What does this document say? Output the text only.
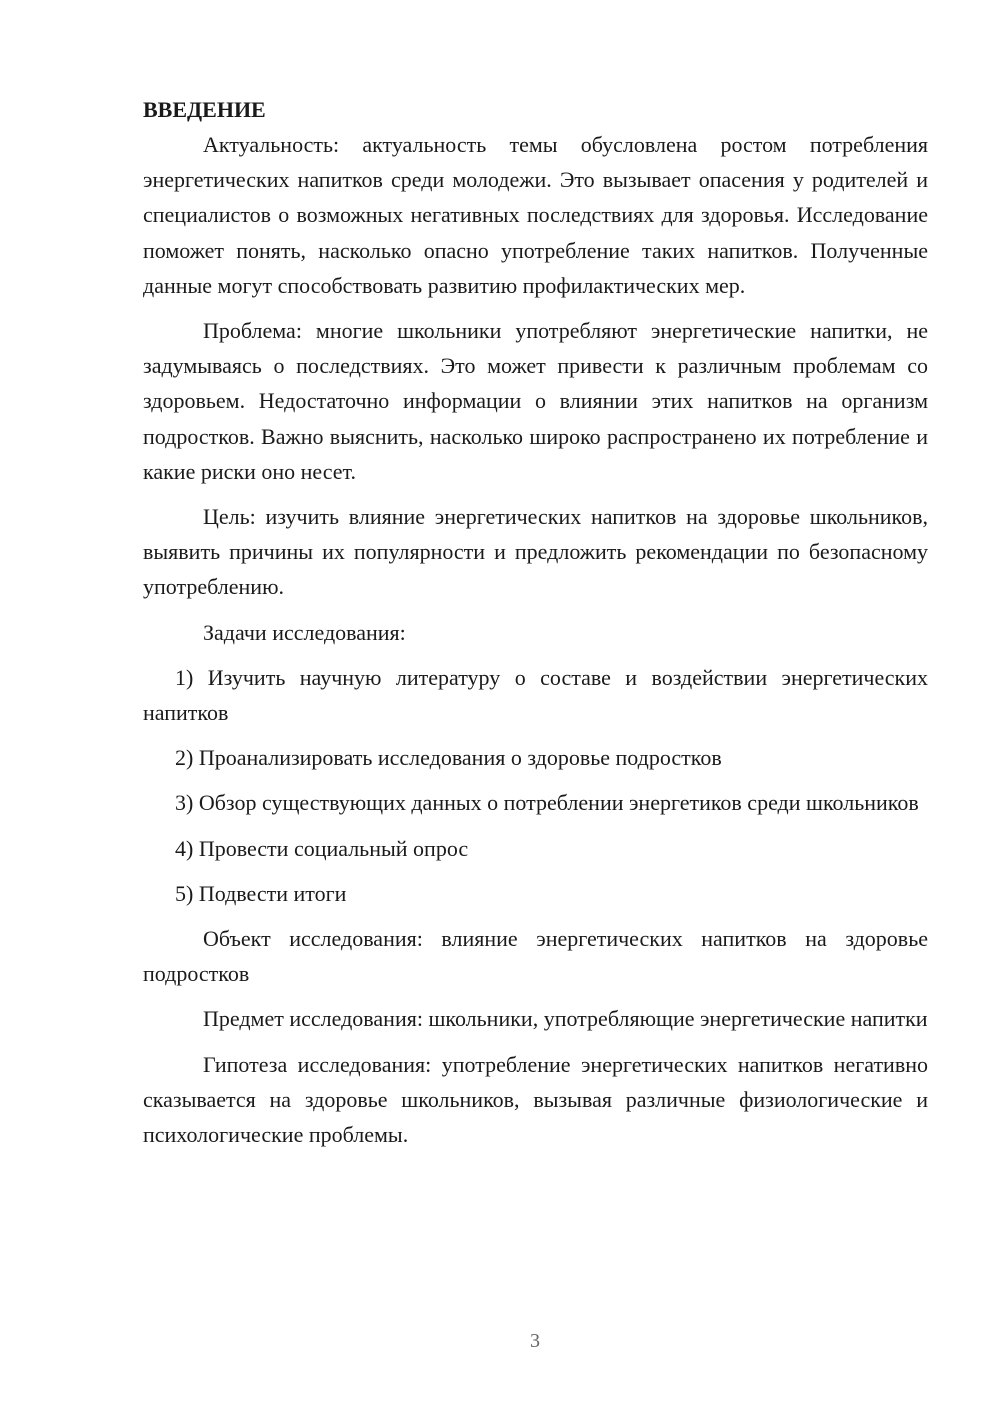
ВВЕДЕНИЕ

Актуальность: актуальность темы обусловлена ростом потребления энергетических напитков среди молодежи. Это вызывает опасения у родителей и специалистов о возможных негативных последствиях для здоровья. Исследование поможет понять, насколько опасно употребление таких напитков. Полученные данные могут способствовать развитию профилактических мер.

Проблема: многие школьники употребляют энергетические напитки, не задумываясь о последствиях. Это может привести к различным проблемам со здоровьем. Недостаточно информации о влиянии этих напитков на организм подростков. Важно выяснить, насколько широко распространено их потребление и какие риски оно несет.

Цель: изучить влияние энергетических напитков на здоровье школьников, выявить причины их популярности и предложить рекомендации по безопасному употреблению.

Задачи исследования:

1) Изучить научную литературу о составе и воздействии энергетических напитков

2) Проанализировать исследования о здоровье подростков

3) Обзор существующих данных о потреблении энергетиков среди школьников

4) Провести социальный опрос

5) Подвести итоги

Объект исследования: влияние энергетических напитков на здоровье подростков

Предмет исследования: школьники, употребляющие энергетические напитки

Гипотеза исследования: употребление энергетических напитков негативно сказывается на здоровье школьников, вызывая различные физиологические и психологические проблемы.

3
